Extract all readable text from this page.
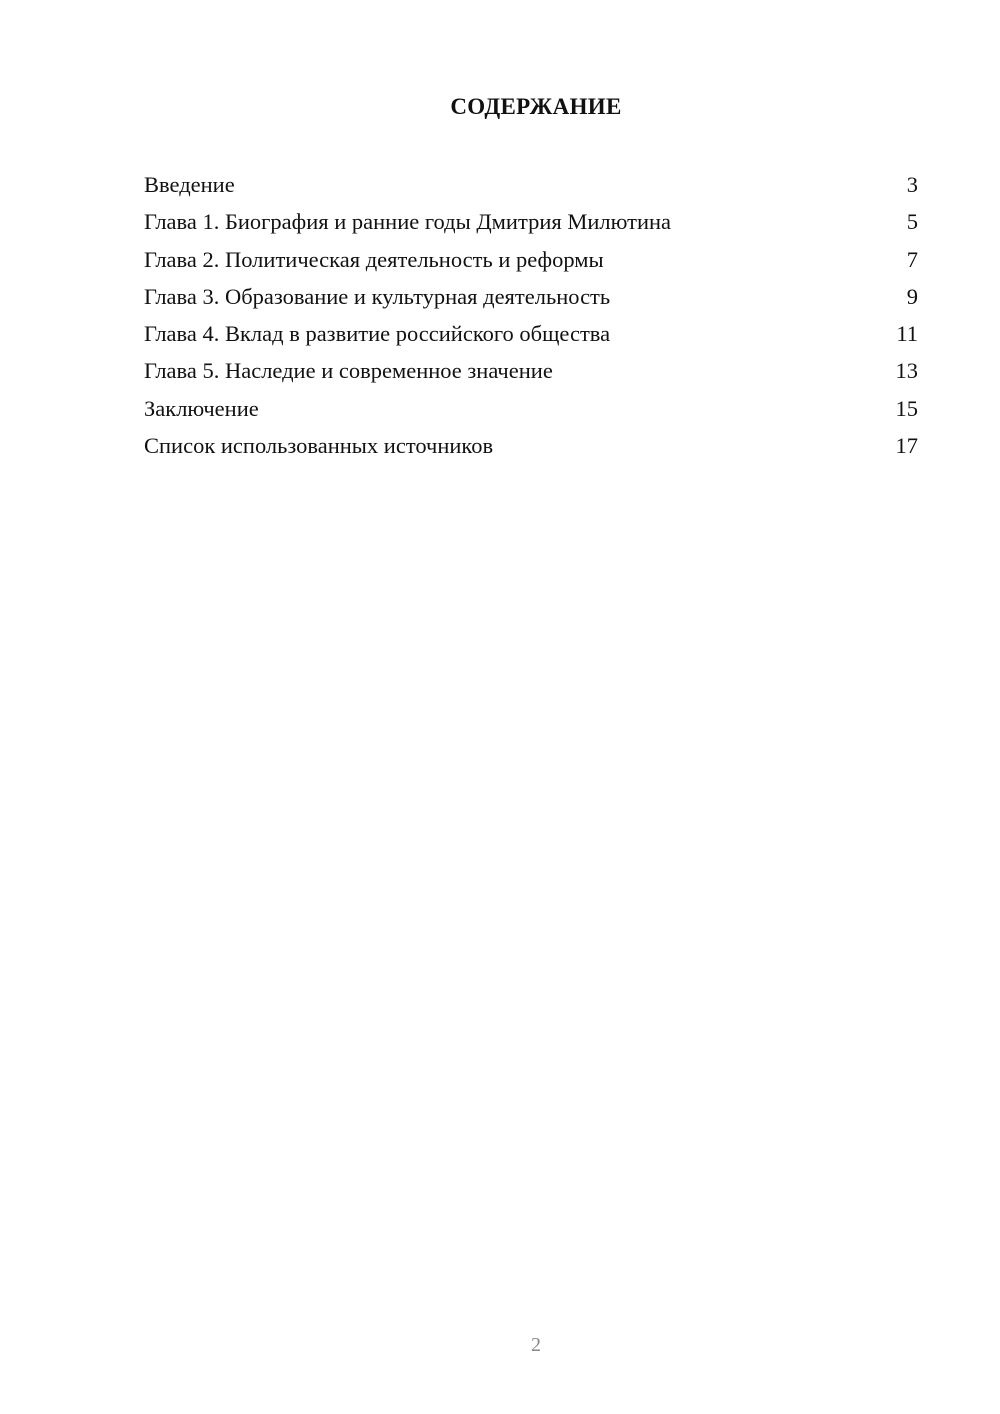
СОДЕРЖАНИЕ
Введение	3
Глава 1. Биография и ранние годы Дмитрия Милютина	5
Глава 2. Политическая деятельность и реформы	7
Глава 3. Образование и культурная деятельность	9
Глава 4. Вклад в развитие российского общества	11
Глава 5. Наследие и современное значение	13
Заключение	15
Список использованных источников	17
2
